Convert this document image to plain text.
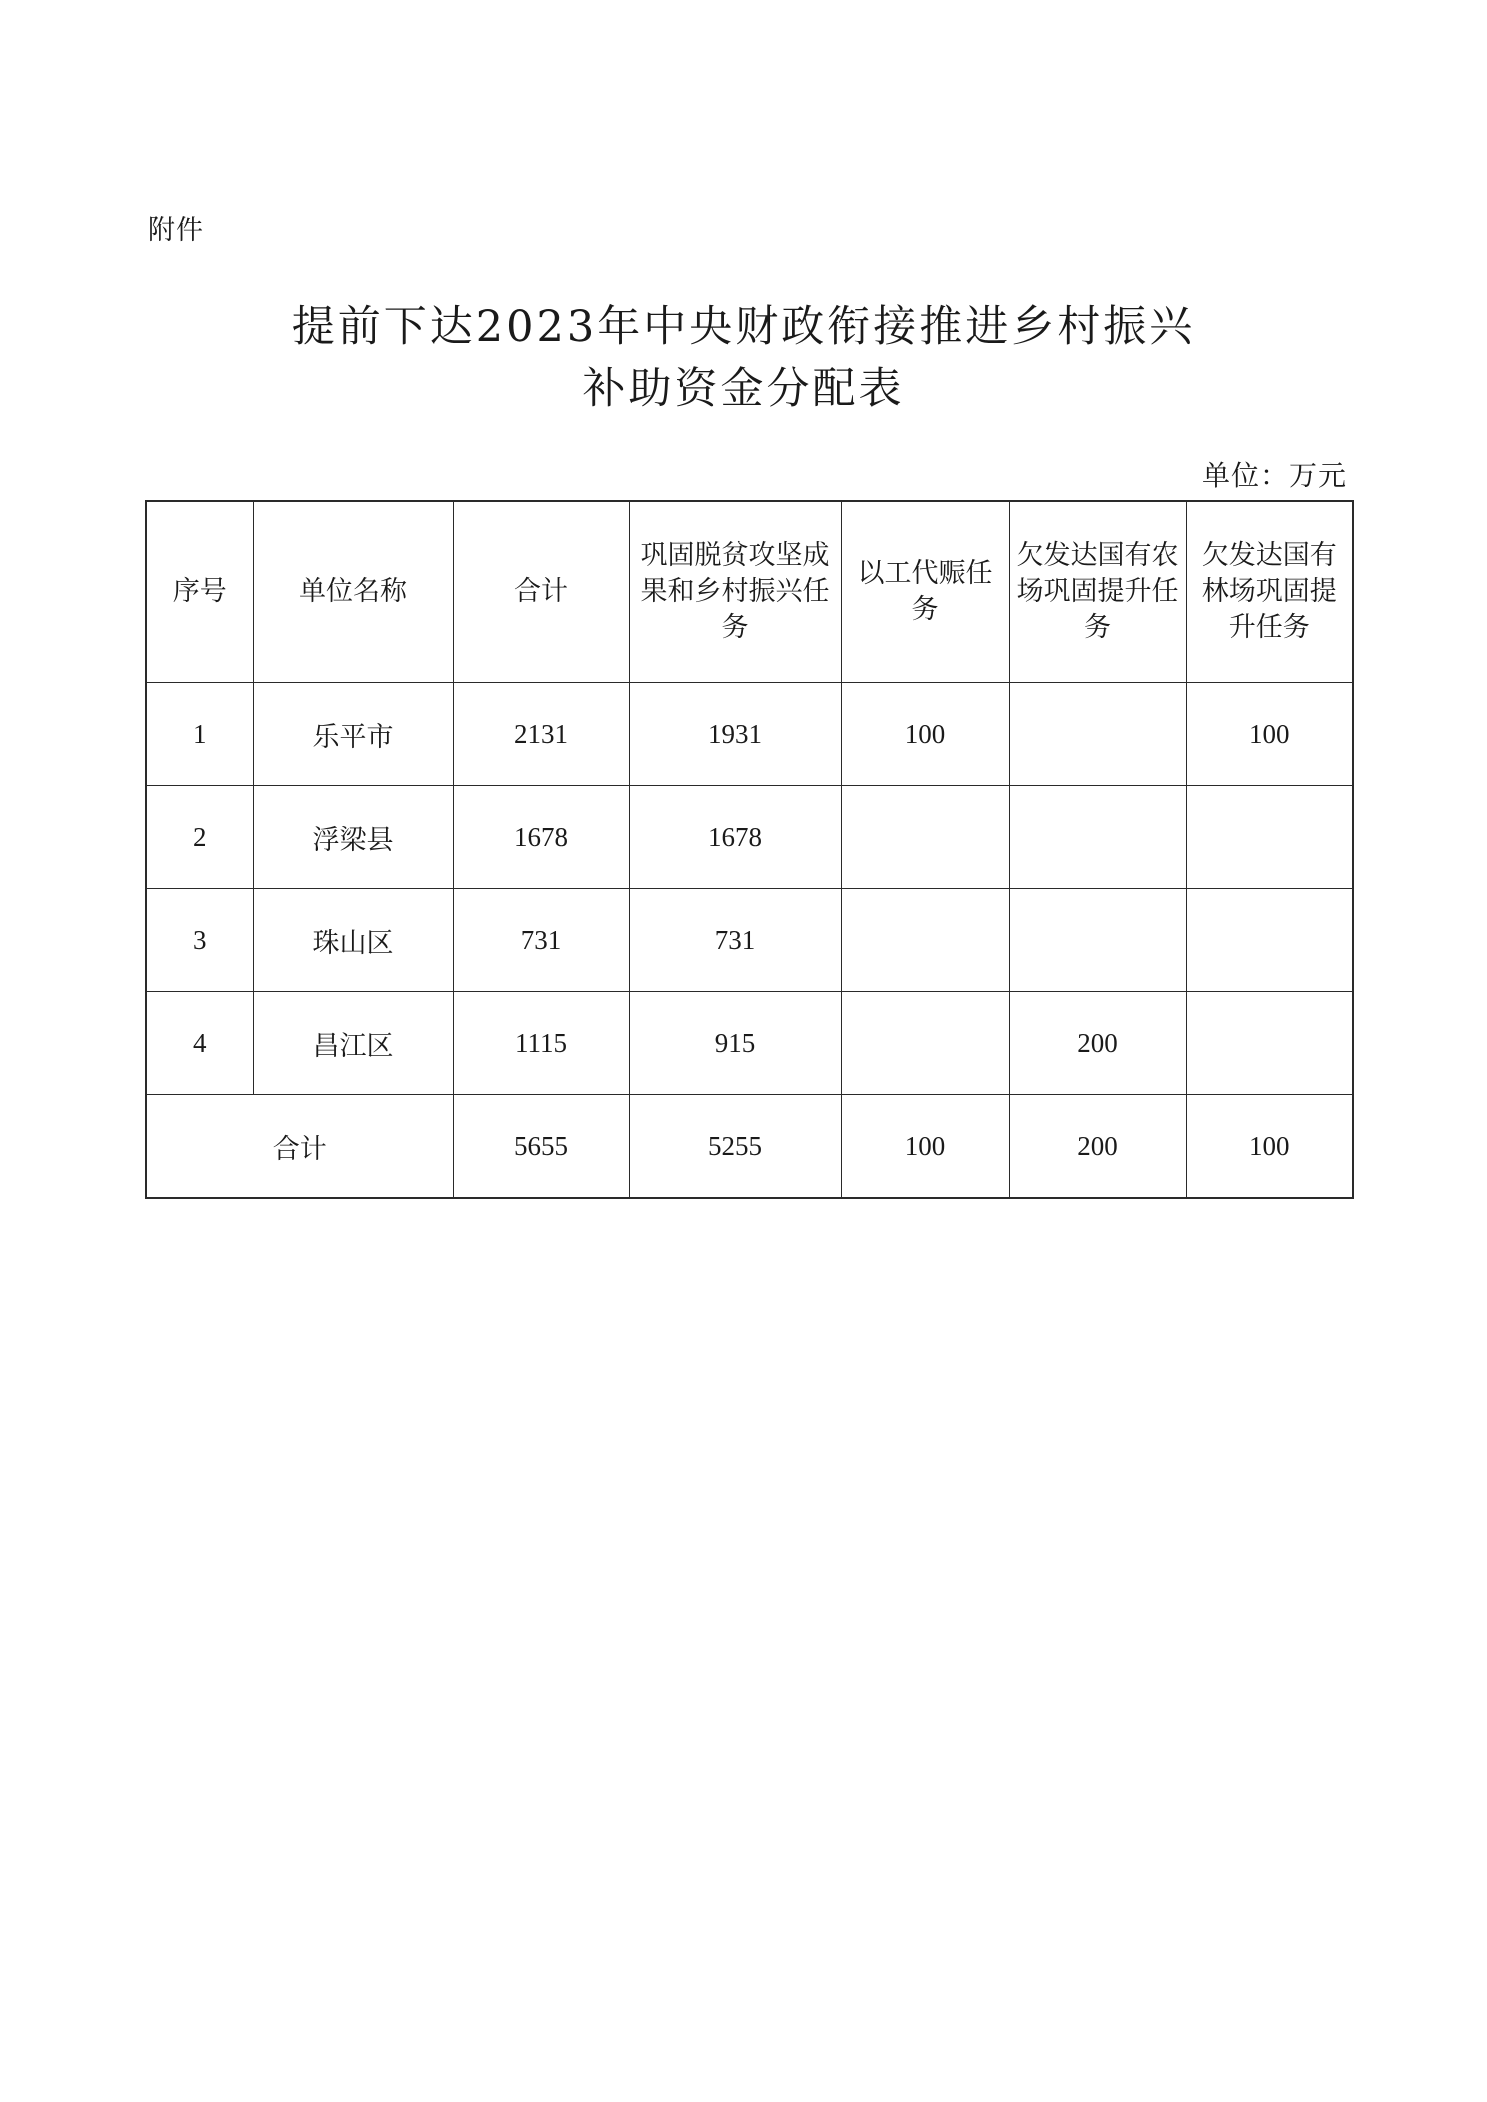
附件
提前下达2023年中央财政衔接推进乡村振兴
补助资金分配表
单位：万元
序号	单位名称	合计	巩固脱贫攻坚成果和乡村振兴任务	以工代赈任务	欠发达国有农场巩固提升任务	欠发达国有林场巩固提升任务
1	乐平市	2131	1931	100		100
2	浮梁县	1678	1678			
3	珠山区	731	731			
4	昌江区	1115	915		200	
合计		5655	5255	100	200	100
